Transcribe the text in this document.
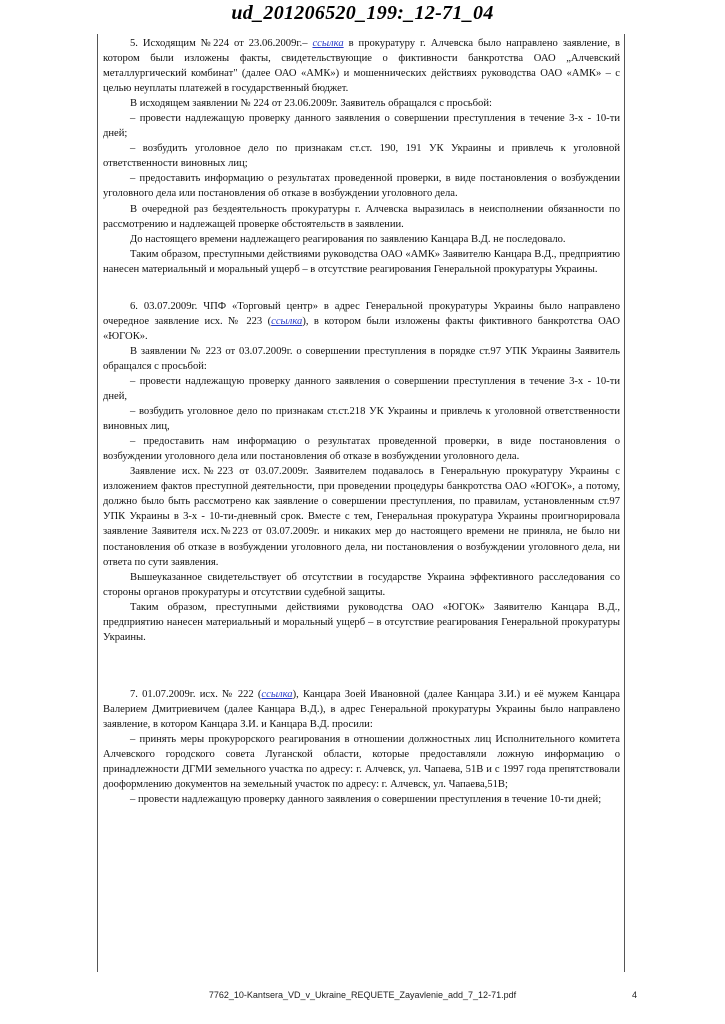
ud_201206520_199:_12-71_04

5. Исходящим №224 от 23.06.2009г.– ссылка в прокуратуру г. Алчевска было направлено заявление, в котором были изложены факты, свидетельствующие о фиктивности банкротства ОАО „Алчевский металлургический комбинат" (далее ОАО «АМК») и мошеннических действиях руководства ОАО «АМК» – с целью неуплаты платежей в государственный бюджет.

В исходящем заявлении № 224 от 23.06.2009г. Заявитель обращался с просьбой:

– провести надлежащую проверку данного заявления о совершении преступления в течение 3-х - 10-ти дней;

– возбудить уголовное дело по признакам ст.ст. 190, 191 УК Украины и привлечь к уголовной ответственности виновных лиц;

– предоставить информацию о результатах проведенной проверки, в виде постановления о возбуждении уголовного дела или постановления об отказе в возбуждении уголовного дела.

В очередной раз бездеятельность прокуратуры г. Алчевска выразилась в неисполнении обязанности по рассмотрению и надлежащей проверке обстоятельств в заявлении.

До настоящего времени надлежащего реагирования по заявлению Канцара В.Д. не последовало.

Таким образом, преступными действиями руководства ОАО «АМК» Заявителю Канцара В.Д., предприятию нанесен материальный и моральный ущерб – в отсутствие реагирования Генеральной прокуратуры Украины.

6. 03.07.2009г. ЧПФ «Торговый центр» в адрес Генеральной прокуратуры Украины было направлено очередное заявление исх. № 223 (ссылка), в котором были изложены факты фиктивного банкротства ОАО «ЮГОК».

В заявлении № 223 от 03.07.2009г. о совершении преступления в порядке ст.97 УПК Украины Заявитель обращался с просьбой:

– провести надлежащую проверку данного заявления о совершении преступления в течение 3-х - 10-ти дней,

– возбудить уголовное дело по признакам ст.ст.218 УК Украины и привлечь к уголовной ответственности виновных лиц,

– предоставить нам информацию о результатах проведенной проверки, в виде постановления о возбуждении уголовного дела или постановления об отказе в возбуждении уголовного дела.

Заявление исх.№223 от 03.07.2009г. Заявителем подавалось в Генеральную прокуратуру Украины с изложением фактов преступной деятельности, при проведении процедуры банкротства ОАО «ЮГОК», а потому, должно было быть рассмотрено как заявление о совершении преступления, по правилам, установленным ст.97 УПК Украины в 3-х - 10-ти-дневный срок. Вместе с тем, Генеральная прокуратура Украины проигнорировала заявление Заявителя исх.№223 от 03.07.2009г. и никаких мер до настоящего времени не приняла, не было ни постановления об отказе в возбуждении уголовного дела, ни постановления о возбуждении уголовного дела, ни ответа по сути заявления.

Вышеуказанное свидетельствует об отсутствии в государстве Украина эффективного расследования со стороны органов прокуратуры и отсутствии судебной защиты.

Таким образом, преступными действиями руководства ОАО «ЮГОК» Заявителю Канцара В.Д., предприятию нанесен материальный и моральный ущерб – в отсутствие реагирования Генеральной прокуратуры Украины.

7. 01.07.2009г. исх. № 222 (ссылка), Канцара Зоей Ивановной (далее Канцара З.И.) и её мужем Канцара Валерием Дмитриевичем (далее Канцара В.Д.), в адрес Генеральной прокуратуры Украины было направлено заявление, в котором Канцара З.И. и Канцара В.Д. просили:

– принять меры прокурорского реагирования в отношении должностных лиц Исполнительного комитета Алчевского городского совета Луганской области, которые предоставляли ложную информацию о принадлежности ДГМИ земельного участка по адресу: г. Алчевск, ул. Чапаева, 51В и с 1997 года препятствовали дооформлению документов на земельный участок по адресу: г. Алчевск, ул. Чапаева,51В;

– провести надлежащую проверку данного заявления о совершении преступления в течение 10-ти дней;

7762_10-Kantsera_VD_v_Ukraine_REQUETE_Zayavlenie_add_7_12-71.pdf	4
